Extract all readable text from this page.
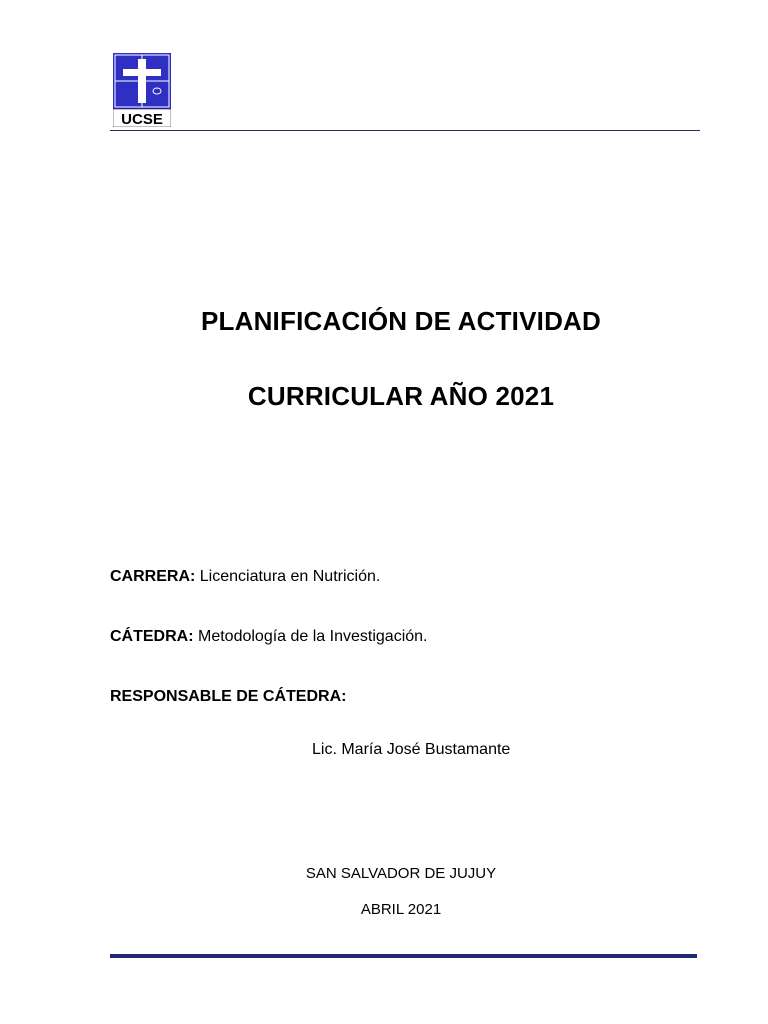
UCSE
PLANIFICACIÓN DE ACTIVIDAD
CURRICULAR AÑO 2021
CARRERA: Licenciatura en Nutrición.
CÁTEDRA: Metodología de la Investigación.
RESPONSABLE DE CÁTEDRA:
Lic. María José Bustamante
SAN SALVADOR DE JUJUY
ABRIL 2021
